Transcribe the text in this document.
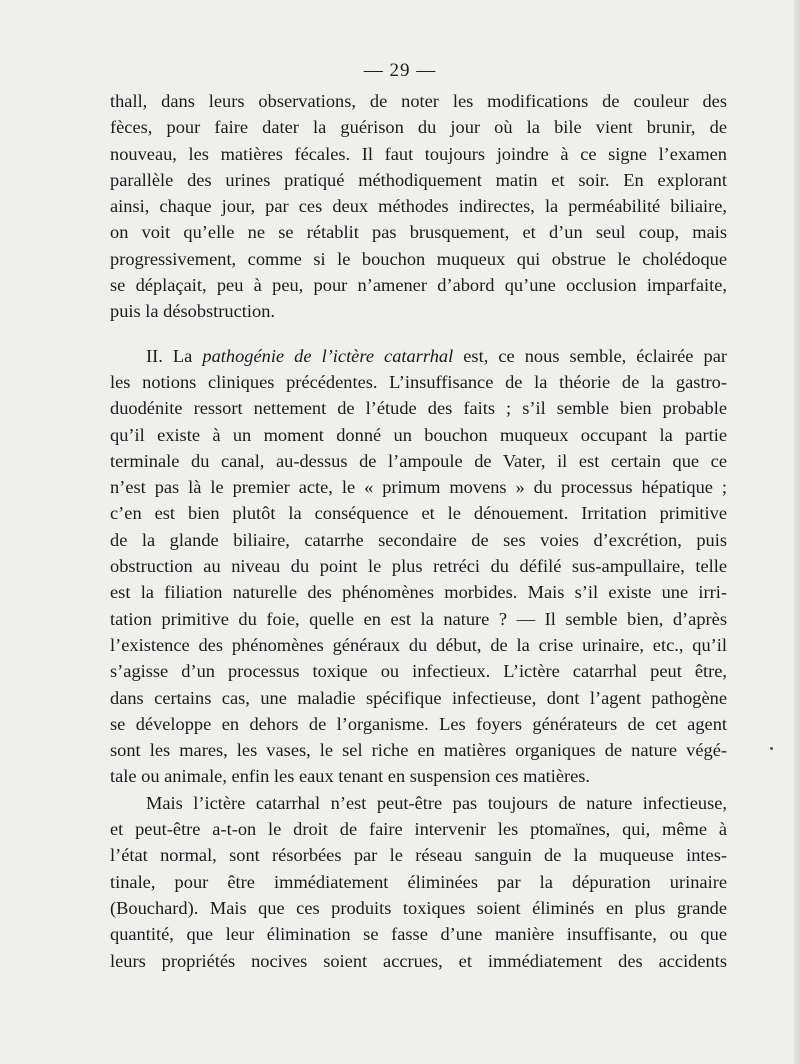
— 29 —

thall, dans leurs observations, de noter les modifications de couleur des
fèces, pour faire dater la guérison du jour où la bile vient brunir, de
nouveau, les matières fécales. Il faut toujours joindre à ce signe l’examen
parallèle des urines pratiqué méthodiquement matin et soir. En explorant
ainsi, chaque jour, par ces deux méthodes indirectes, la perméabilité biliaire,
on voit qu’elle ne se rétablit pas brusquement, et d’un seul coup, mais
progressivement, comme si le bouchon muqueux qui obstrue le cholédoque
se déplaçait, peu à peu, pour n’amener d’abord qu’une occlusion imparfaite,
puis la désobstruction.

II. La pathogénie de l’ictère catarrhal est, ce nous semble, éclairée par
les notions cliniques précédentes. L’insuffisance de la théorie de la gastro-
duodénite ressort nettement de l’étude des faits ; s’il semble bien probable
qu’il existe à un moment donné un bouchon muqueux occupant la partie
terminale du canal, au-dessus de l’ampoule de Vater, il est certain que ce
n’est pas là le premier acte, le « primum movens » du processus hépatique ;
c’en est bien plutôt la conséquence et le dénouement. Irritation primitive
de la glande biliaire, catarrhe secondaire de ses voies d’excrétion, puis
obstruction au niveau du point le plus retréci du défilé sus-ampullaire, telle
est la filiation naturelle des phénomènes morbides. Mais s’il existe une irri-
tation primitive du foie, quelle en est la nature ? — Il semble bien, d’après
l’existence des phénomènes généraux du début, de la crise urinaire, etc., qu’il
s’agisse d’un processus toxique ou infectieux. L’ictère catarrhal peut être,
dans certains cas, une maladie spécifique infectieuse, dont l’agent pathogène
se développe en dehors de l’organisme. Les foyers générateurs de cet agent
sont les mares, les vases, le sel riche en matières organiques de nature végé-
tale ou animale, enfin les eaux tenant en suspension ces matières.

Mais l’ictère catarrhal n’est peut-être pas toujours de nature infectieuse,
et peut-être a-t-on le droit de faire intervenir les ptomaïnes, qui, même à
l’état normal, sont résorbées par le réseau sanguin de la muqueuse intes-
tinale, pour être immédiatement éliminées par la dépuration urinaire
(Bouchard). Mais que ces produits toxiques soient éliminés en plus grande
quantité, que leur élimination se fasse d’une manière insuffisante, ou que
leurs propriétés nocives soient accrues, et immédiatement des accidents
